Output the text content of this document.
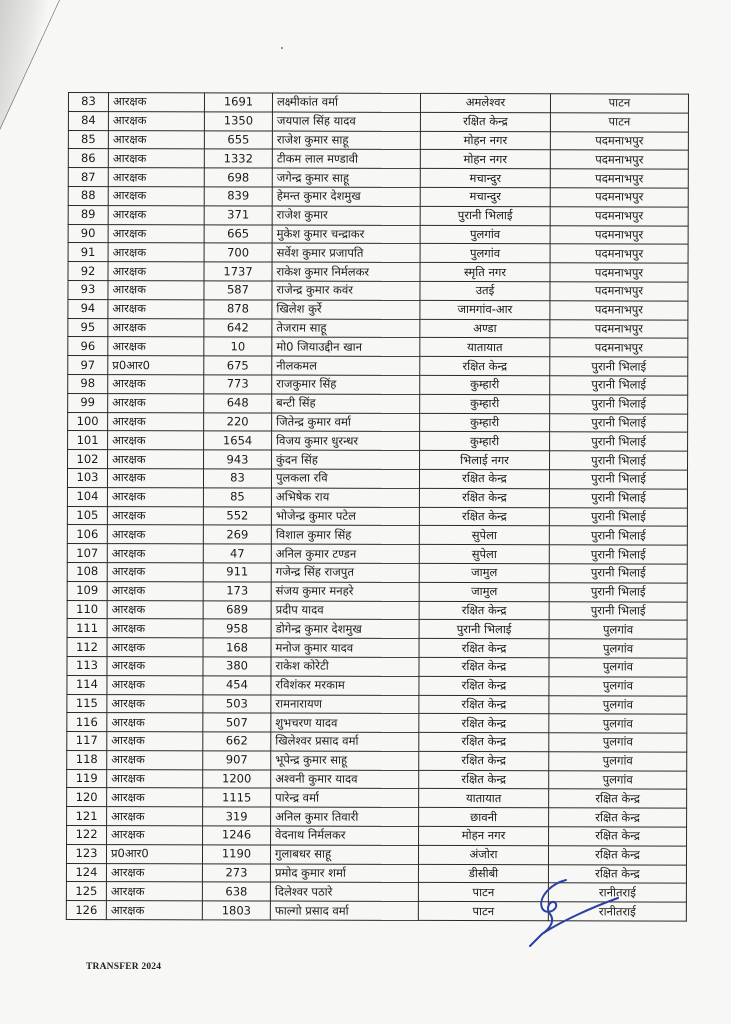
83	आरक्षक	1691	लक्ष्मीकांत वर्मा	अमलेश्वर	पाटन
84	आरक्षक	1350	जयपाल सिंह यादव	रक्षित केन्द्र	पाटन
85	आरक्षक	655	राजेश कुमार साहू	मोहन नगर	पदमनाभपुर
86	आरक्षक	1332	टीकम लाल मण्डावी	मोहन नगर	पदमनाभपुर
87	आरक्षक	698	जगेन्द्र कुमार साहू	मचान्दुर	पदमनाभपुर
88	आरक्षक	839	हेमन्त कुमार देशमुख	मचान्दुर	पदमनाभपुर
89	आरक्षक	371	राजेश कुमार	पुरानी भिलाई	पदमनाभपुर
90	आरक्षक	665	मुकेश कुमार चन्द्राकर	पुलगांव	पदमनाभपुर
91	आरक्षक	700	सर्वेश कुमार प्रजापति	पुलगांव	पदमनाभपुर
92	आरक्षक	1737	राकेश कुमार निर्मलकर	स्मृति नगर	पदमनाभपुर
93	आरक्षक	587	राजेन्द्र कुमार कवंर	उतई	पदमनाभपुर
94	आरक्षक	878	खिलेश कुर्रे	जामगांव-आर	पदमनाभपुर
95	आरक्षक	642	तेजराम साहू	अण्डा	पदमनाभपुर
96	आरक्षक	10	मो0 जियाउद्दीन खान	यातायात	पदमनाभपुर
97	प्र0आर0	675	नीलकमल	रक्षित केन्द्र	पुरानी भिलाई
98	आरक्षक	773	राजकुमार सिंह	कुम्हारी	पुरानी भिलाई
99	आरक्षक	648	बन्टी सिंह	कुम्हारी	पुरानी भिलाई
100	आरक्षक	220	जितेन्द्र कुमार वर्मा	कुम्हारी	पुरानी भिलाई
101	आरक्षक	1654	विजय कुमार धुरन्धर	कुम्हारी	पुरानी भिलाई
102	आरक्षक	943	कुंदन सिंह	भिलाई नगर	पुरानी भिलाई
103	आरक्षक	83	पुलकला रवि	रक्षित केन्द्र	पुरानी भिलाई
104	आरक्षक	85	अभिषेक राय	रक्षित केन्द्र	पुरानी भिलाई
105	आरक्षक	552	भोजेन्द्र कुमार पटेल	रक्षित केन्द्र	पुरानी भिलाई
106	आरक्षक	269	विशाल कुमार सिंह	सुपेला	पुरानी भिलाई
107	आरक्षक	47	अनिल कुमार टण्डन	सुपेला	पुरानी भिलाई
108	आरक्षक	911	गजेन्द्र सिंह राजपुत	जामुल	पुरानी भिलाई
109	आरक्षक	173	संजय कुमार मनहरे	जामुल	पुरानी भिलाई
110	आरक्षक	689	प्रदीप यादव	रक्षित केन्द्र	पुरानी भिलाई
111	आरक्षक	958	डोगेन्द्र कुमार देशमुख	पुरानी भिलाई	पुलगांव
112	आरक्षक	168	मनोज कुमार यादव	रक्षित केन्द्र	पुलगांव
113	आरक्षक	380	राकेश कोरेटी	रक्षित केन्द्र	पुलगांव
114	आरक्षक	454	रविशंकर मरकाम	रक्षित केन्द्र	पुलगांव
115	आरक्षक	503	रामनारायण	रक्षित केन्द्र	पुलगांव
116	आरक्षक	507	शुभचरण यादव	रक्षित केन्द्र	पुलगांव
117	आरक्षक	662	खिलेश्वर प्रसाद वर्मा	रक्षित केन्द्र	पुलगांव
118	आरक्षक	907	भूपेन्द्र कुमार साहू	रक्षित केन्द्र	पुलगांव
119	आरक्षक	1200	अश्वनी कुमार यादव	रक्षित केन्द्र	पुलगांव
120	आरक्षक	1115	पारेन्द्र वर्मा	यातायात	रक्षित केन्द्र
121	आरक्षक	319	अनिल कुमार तिवारी	छावनी	रक्षित केन्द्र
122	आरक्षक	1246	वेदनाथ निर्मलकर	मोहन नगर	रक्षित केन्द्र
123	प्र0आर0	1190	गुलाबधर साहू	अंजोरा	रक्षित केन्द्र
124	आरक्षक	273	प्रमोद कुमार शर्मा	डीसीबी	रक्षित केन्द्र
125	आरक्षक	638	दिलेश्वर पठारे	पाटन	रानीतराई
126	आरक्षक	1803	फाल्गो प्रसाद वर्मा	पाटन	रानीतराई
TRANSFER 2024
